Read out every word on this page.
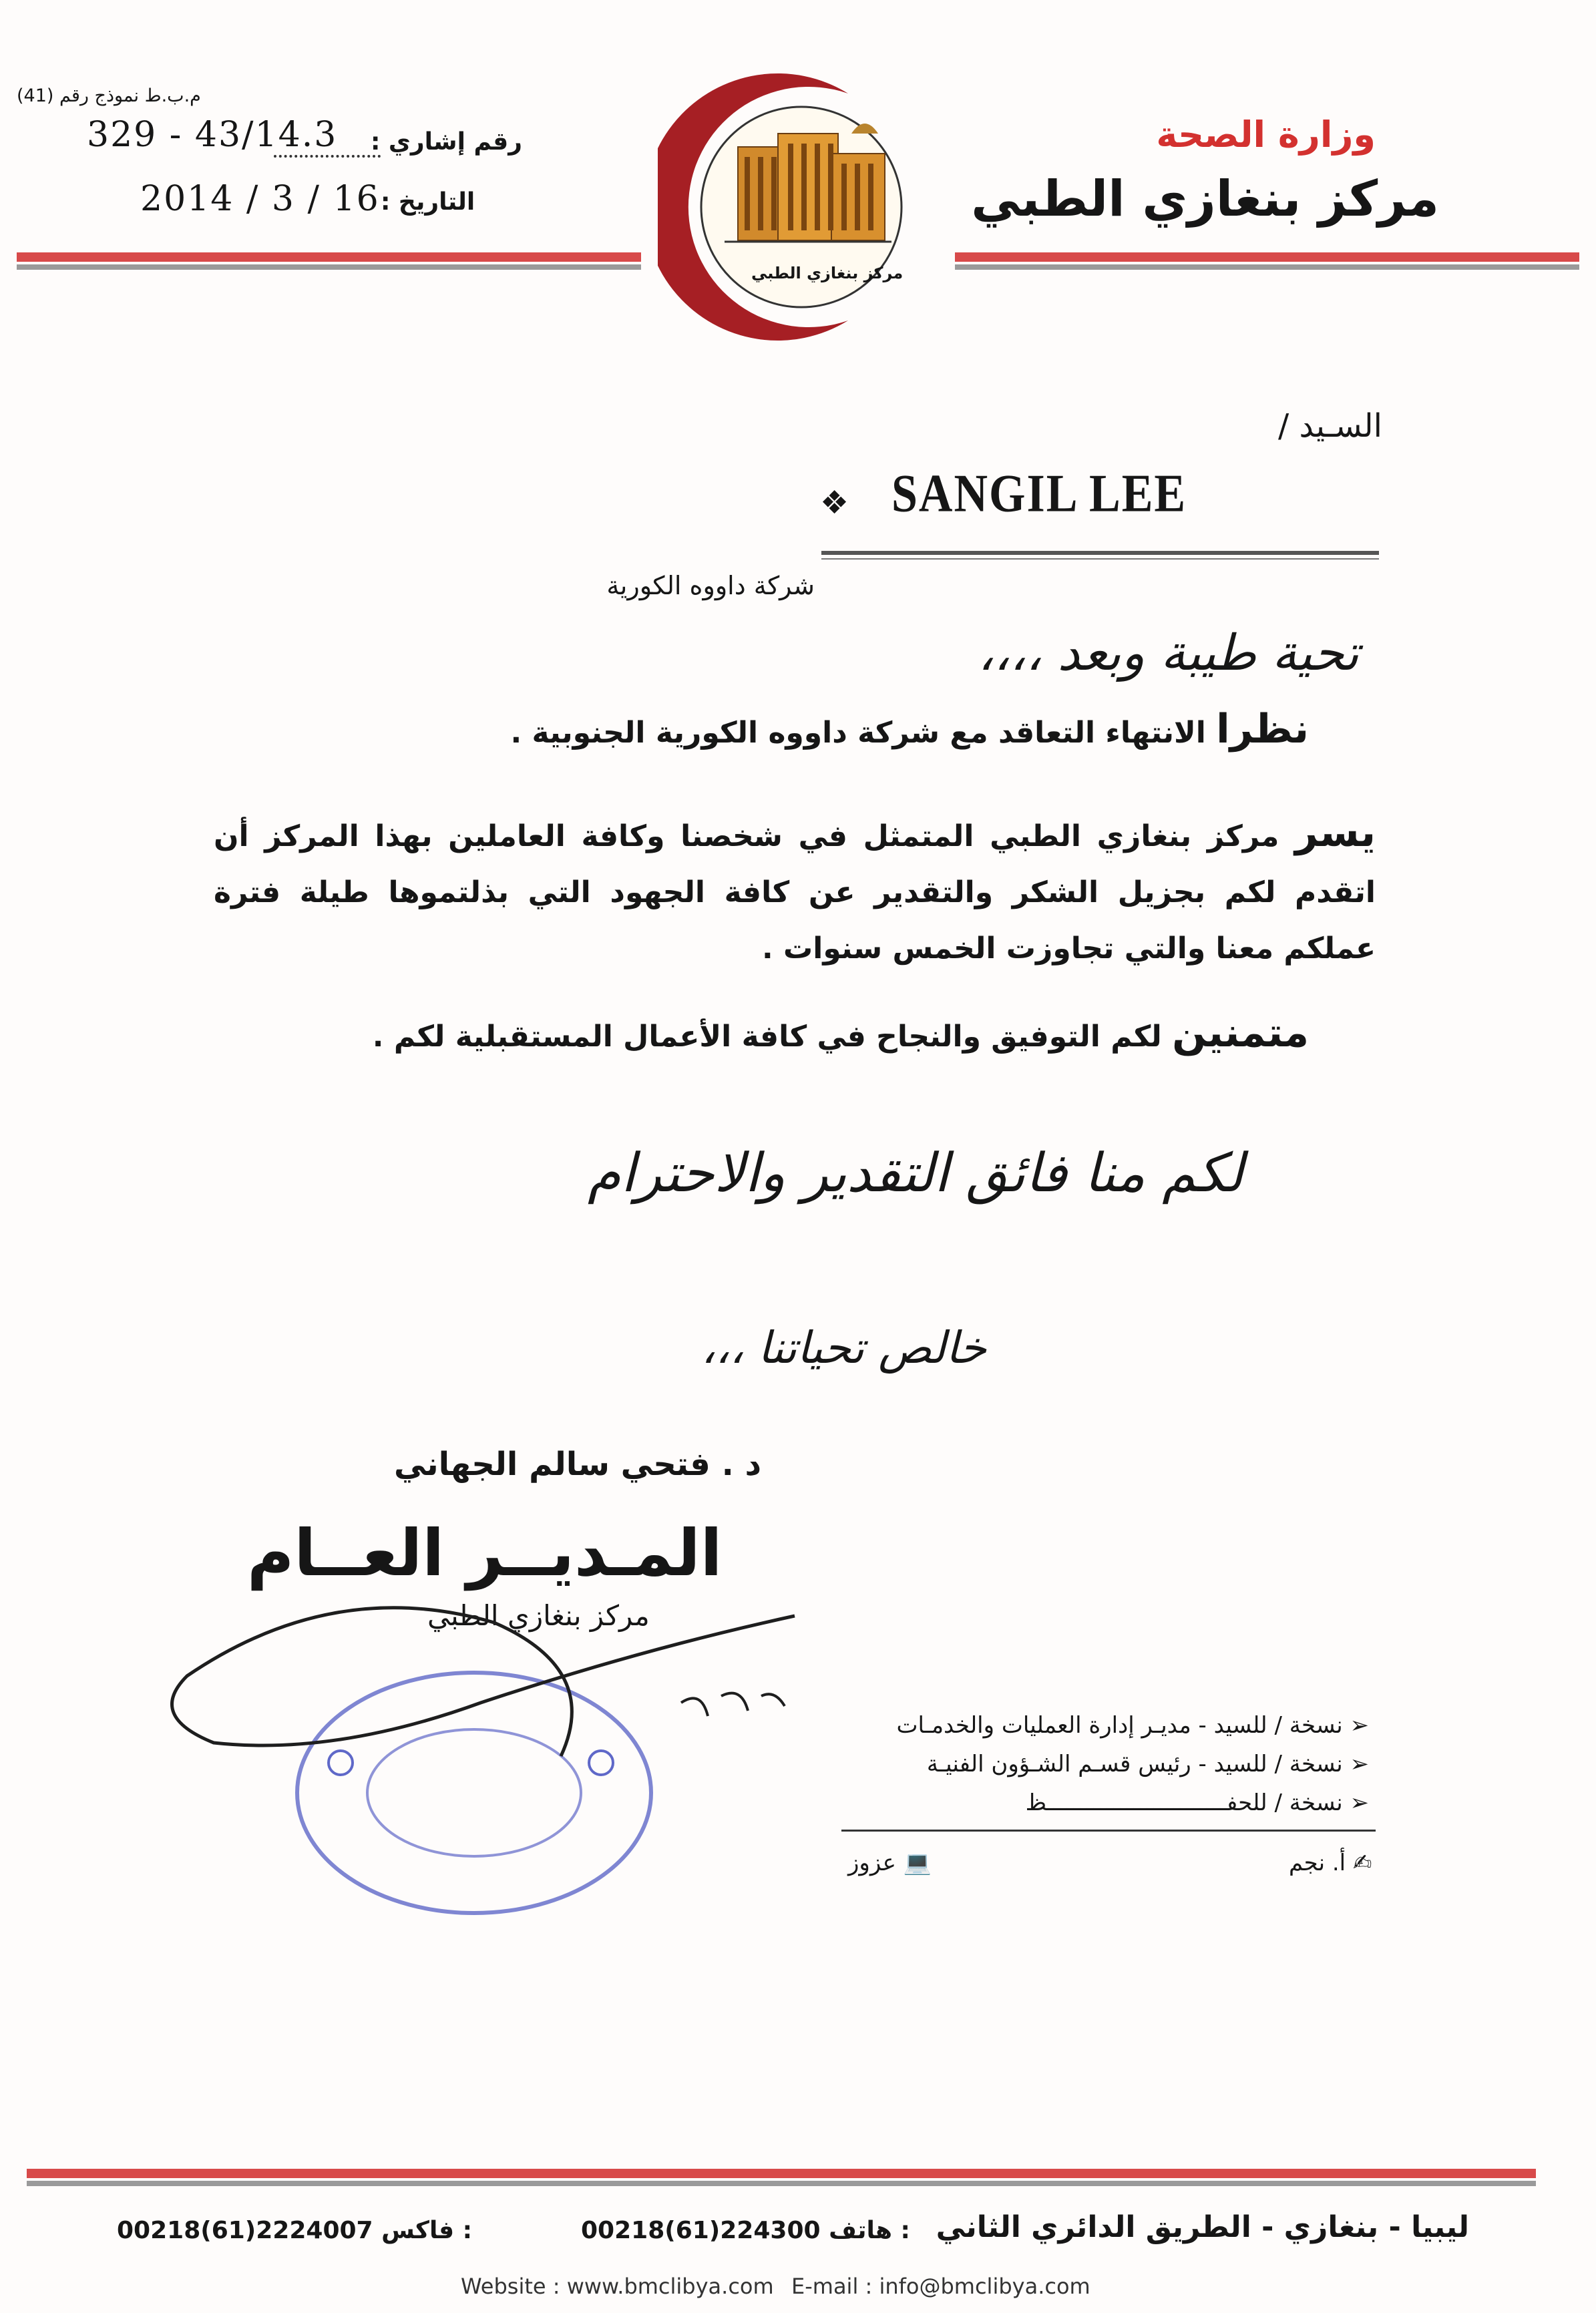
وزارة الصحة
مركز بنغازي الطبي
م.ب.ط نموذج رقم (41)
رقم إشاري :
329 - 43/14.3
التاريخ :
2014 / 3 / 16
مركز بنغازي الطبي
السـيد /
SANGIL LEE
❖
شركة داووه الكورية
تحية طيبة وبعد ،،،،
نظرا الانتهاء التعاقد مع شركة داووه الكورية الجنوبية .
يسر مركز بنغازي الطبي المتمثل في شخصنا وكافة العاملين بهذا المركز أن اتقدم لكم بجزيل الشكر والتقدير عن كافة الجهود التي بذلتموها طيلة فترة عملكم معنا والتي تجاوزت الخمس سنوات .
متمنين لكم التوفيق والنجاح في كافة الأعمال المستقبلية لكم .
لكم منا فائق التقدير والاحترام
خالص تحياتنا ،،،
د . فتحي سالم الجهاني
المـديــر العــام
مركز بنغازي الطبي
➢ نسخة / للسيد - مديـر إدارة العمليات والخدمـات
➢ نسخة / للسيد - رئيس قسـم الشـؤون الفنيـة
➢ نسخة / للحفـــــــــــــــــــــــــــظ
✍ أ. نجم
💻 عزوز
ليبيا - بنغازي - الطريق الدائري الثاني
00218(61)224300 هاتف :
00218(61)2224007 فاكس :
Website : www.bmclibya.com E-mail : info@bmclibya.com
